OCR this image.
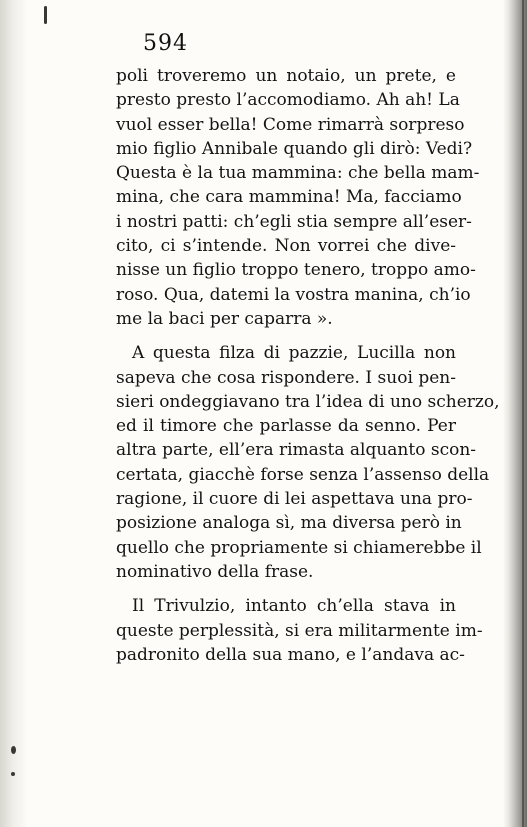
594
poli troveremo un notaio, un prete, e
presto presto l’accomodiamo. Ah ah! La
vuol esser bella! Come rimarrà sorpreso
mio figlio Annibale quando gli dirò: Vedi?
Questa è la tua mammina: che bella mam-
mina, che cara mammina! Ma, facciamo
i nostri patti: ch’egli stia sempre all’eser-
cito, ci s’intende. Non vorrei che dive-
nisse un figlio troppo tenero, troppo amo-
roso. Qua, datemi la vostra manina, ch’io
me la baci per caparra ».
A questa filza di pazzie, Lucilla non
sapeva che cosa rispondere. I suoi pen-
sieri ondeggiavano tra l’idea di uno scherzo,
ed il timore che parlasse da senno. Per
altra parte, ell’era rimasta alquanto scon-
certata, giacchè forse senza l’assenso della
ragione, il cuore di lei aspettava una pro-
posizione analoga sì, ma diversa però in
quello che propriamente si chiamerebbe il
nominativo della frase.
Il Trivulzio, intanto ch’ella stava in
queste perplessità, si era militarmente im-
padronito della sua mano, e l’andava ac-
